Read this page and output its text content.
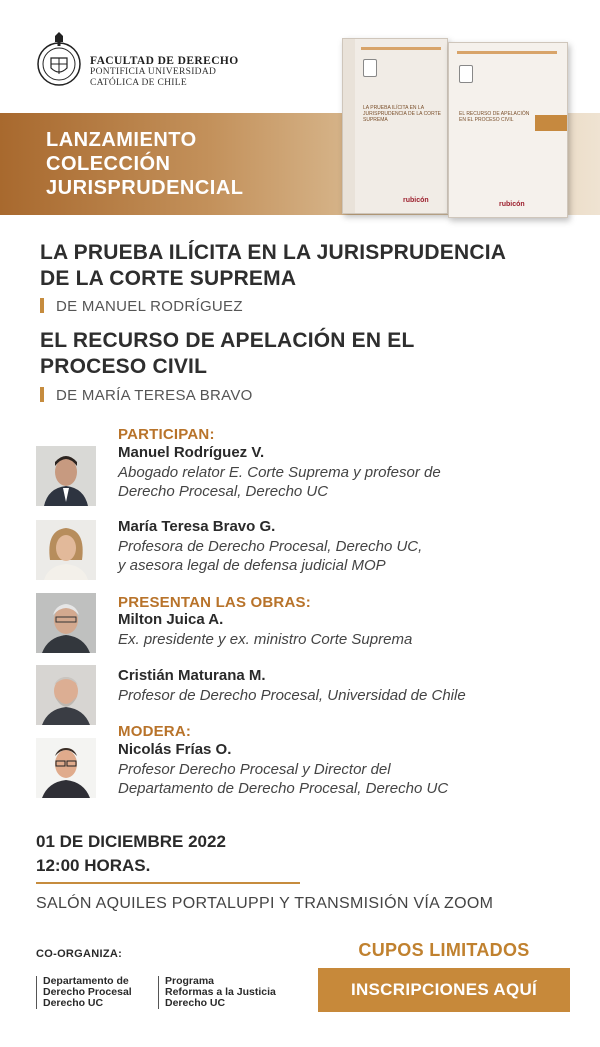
FACULTAD DE DERECHO
PONTIFICIA UNIVERSIDAD
CATÓLICA DE CHILE
LANZAMIENTO
COLECCIÓN
JURISPRUDENCIAL
LA PRUEBA ILÍCITA EN LA JURISPRUDENCIA DE LA CORTE SUPREMA
rubicón
EL RECURSO DE APELACIÓN EN EL PROCESO CIVIL
rubicón
LA PRUEBA ILÍCITA EN LA JURISPRUDENCIA
DE LA CORTE SUPREMA
DE MANUEL RODRÍGUEZ
EL RECURSO DE APELACIÓN EN EL
PROCESO CIVIL
DE MARÍA TERESA BRAVO
PARTICIPAN:
Manuel Rodríguez V.
Abogado relator E. Corte Suprema y profesor de
Derecho Procesal, Derecho UC
María Teresa Bravo G.
Profesora de Derecho Procesal, Derecho UC,
y asesora legal de defensa judicial MOP
PRESENTAN LAS OBRAS:
Milton Juica A.
Ex. presidente y ex. ministro Corte Suprema
Cristián Maturana M.
Profesor de Derecho Procesal, Universidad de Chile
MODERA:
Nicolás Frías O.
Profesor Derecho Procesal y Director del
Departamento de Derecho Procesal, Derecho UC
01 DE DICIEMBRE 2022
12:00 HORAS.
SALÓN AQUILES PORTALUPPI Y TRANSMISIÓN VÍA ZOOM
CO-ORGANIZA:
Departamento de
Derecho Procesal
Derecho UC
Programa
Reformas a la Justicia
Derecho UC
CUPOS LIMITADOS
INSCRIPCIONES AQUÍ
